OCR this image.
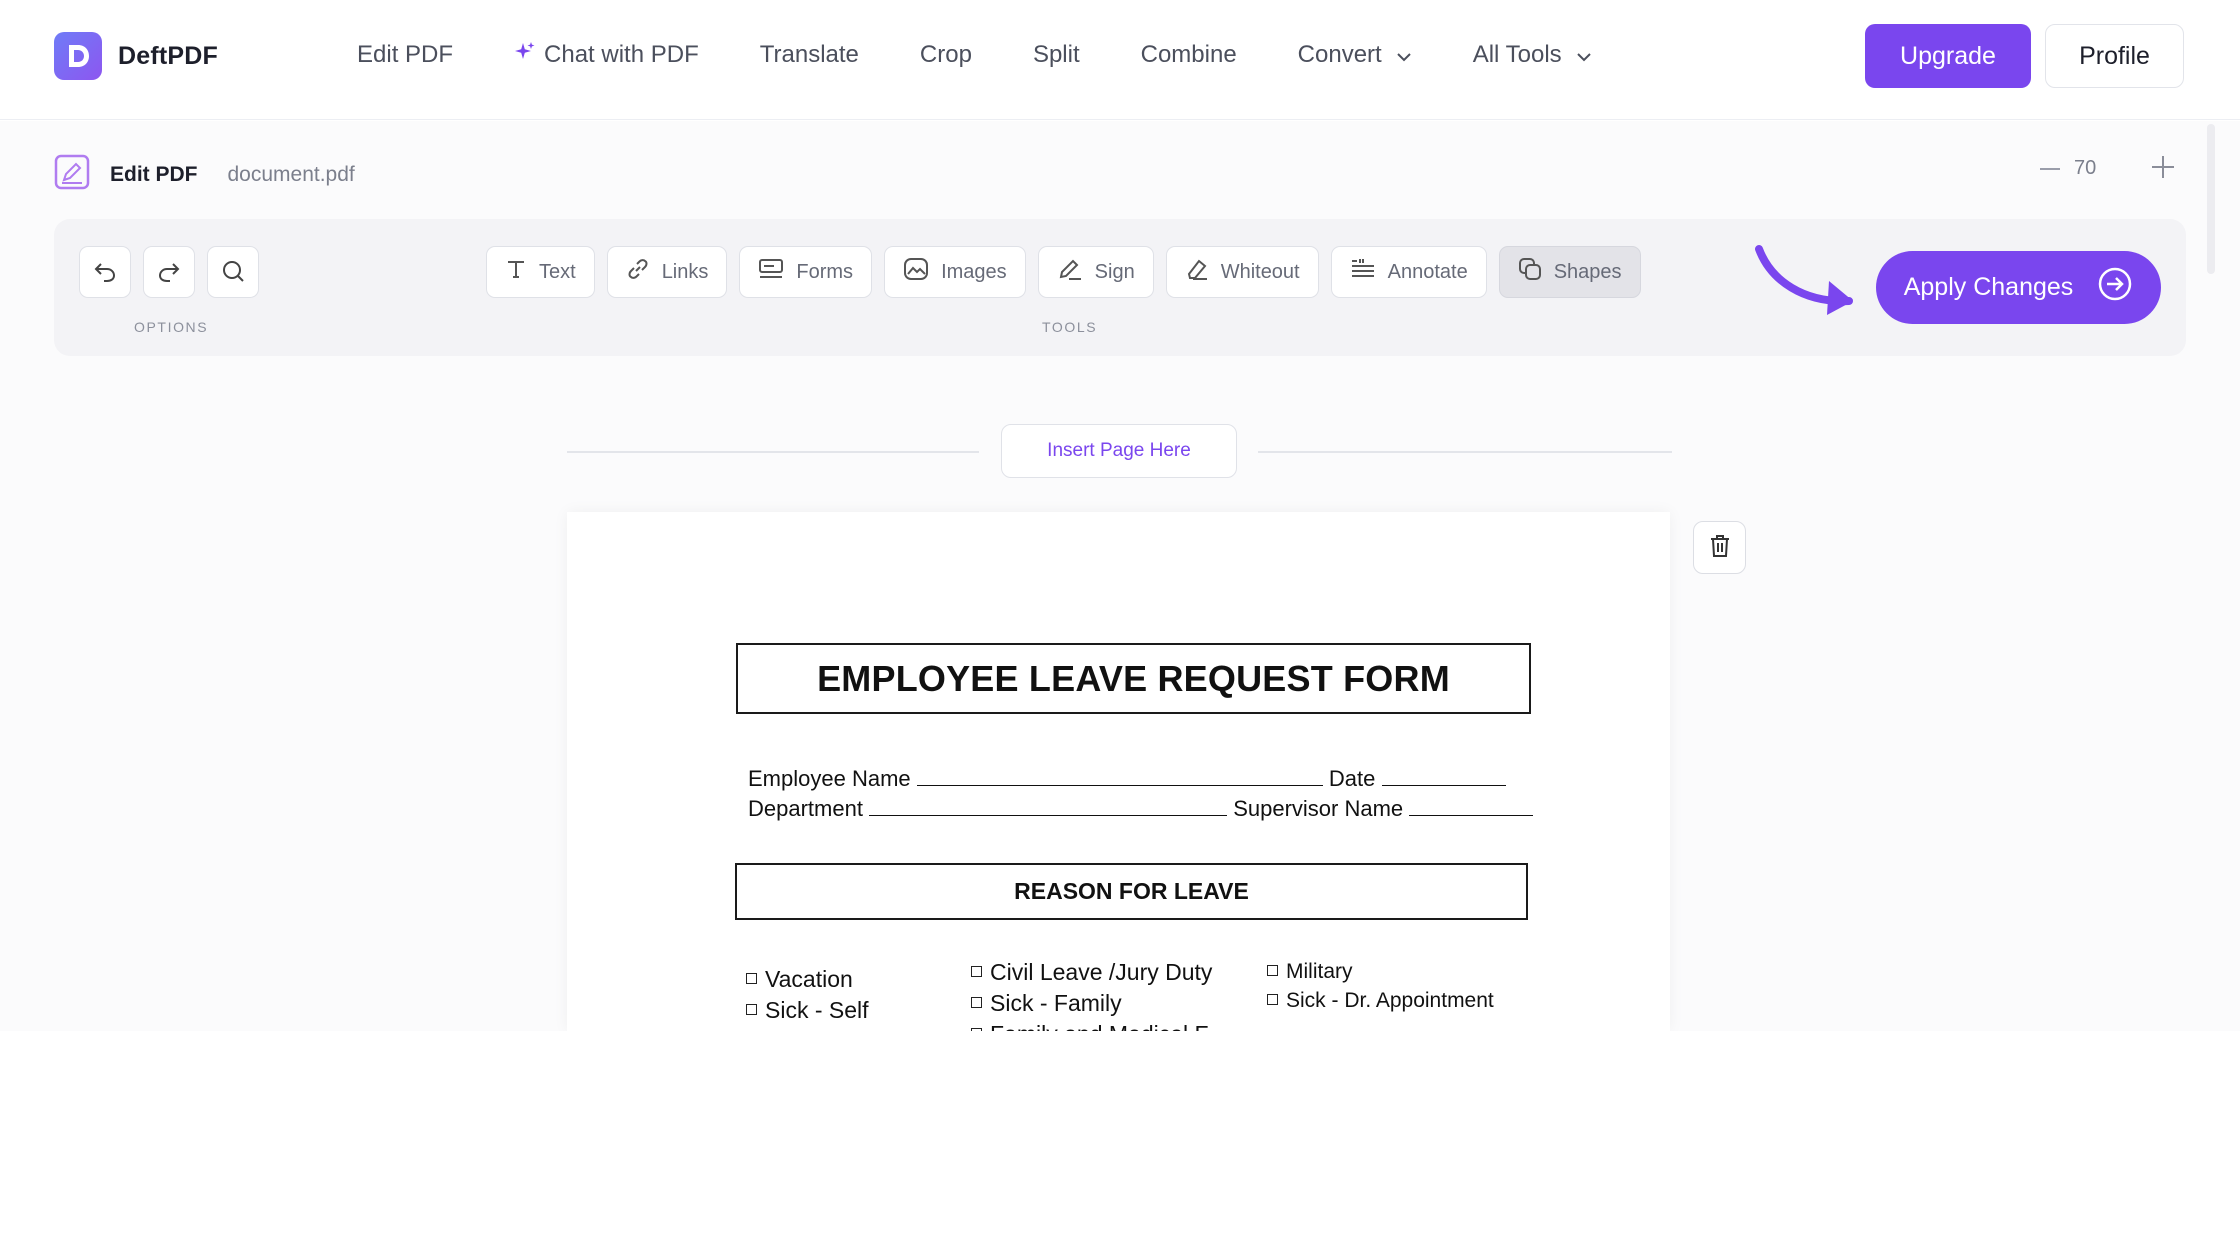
DeftPDF	Edit PDF	Chat with PDF	Translate	Crop	Split	Combine	Convert	All Tools	Upgrade	Profile
Edit PDF document.pdf	70
OPTIONS
Text	Links	Forms	Images	Sign	Whiteout	Annotate	Shapes
TOOLS
Apply Changes
Insert Page Here
EMPLOYEE LEAVE REQUEST FORM
Employee Name	Date
Department	Supervisor Name
REASON FOR LEAVE
Vacation
Sick - Self
Civil Leave /Jury Duty
Sick - Family
Military
Sick - Dr. Appointment
